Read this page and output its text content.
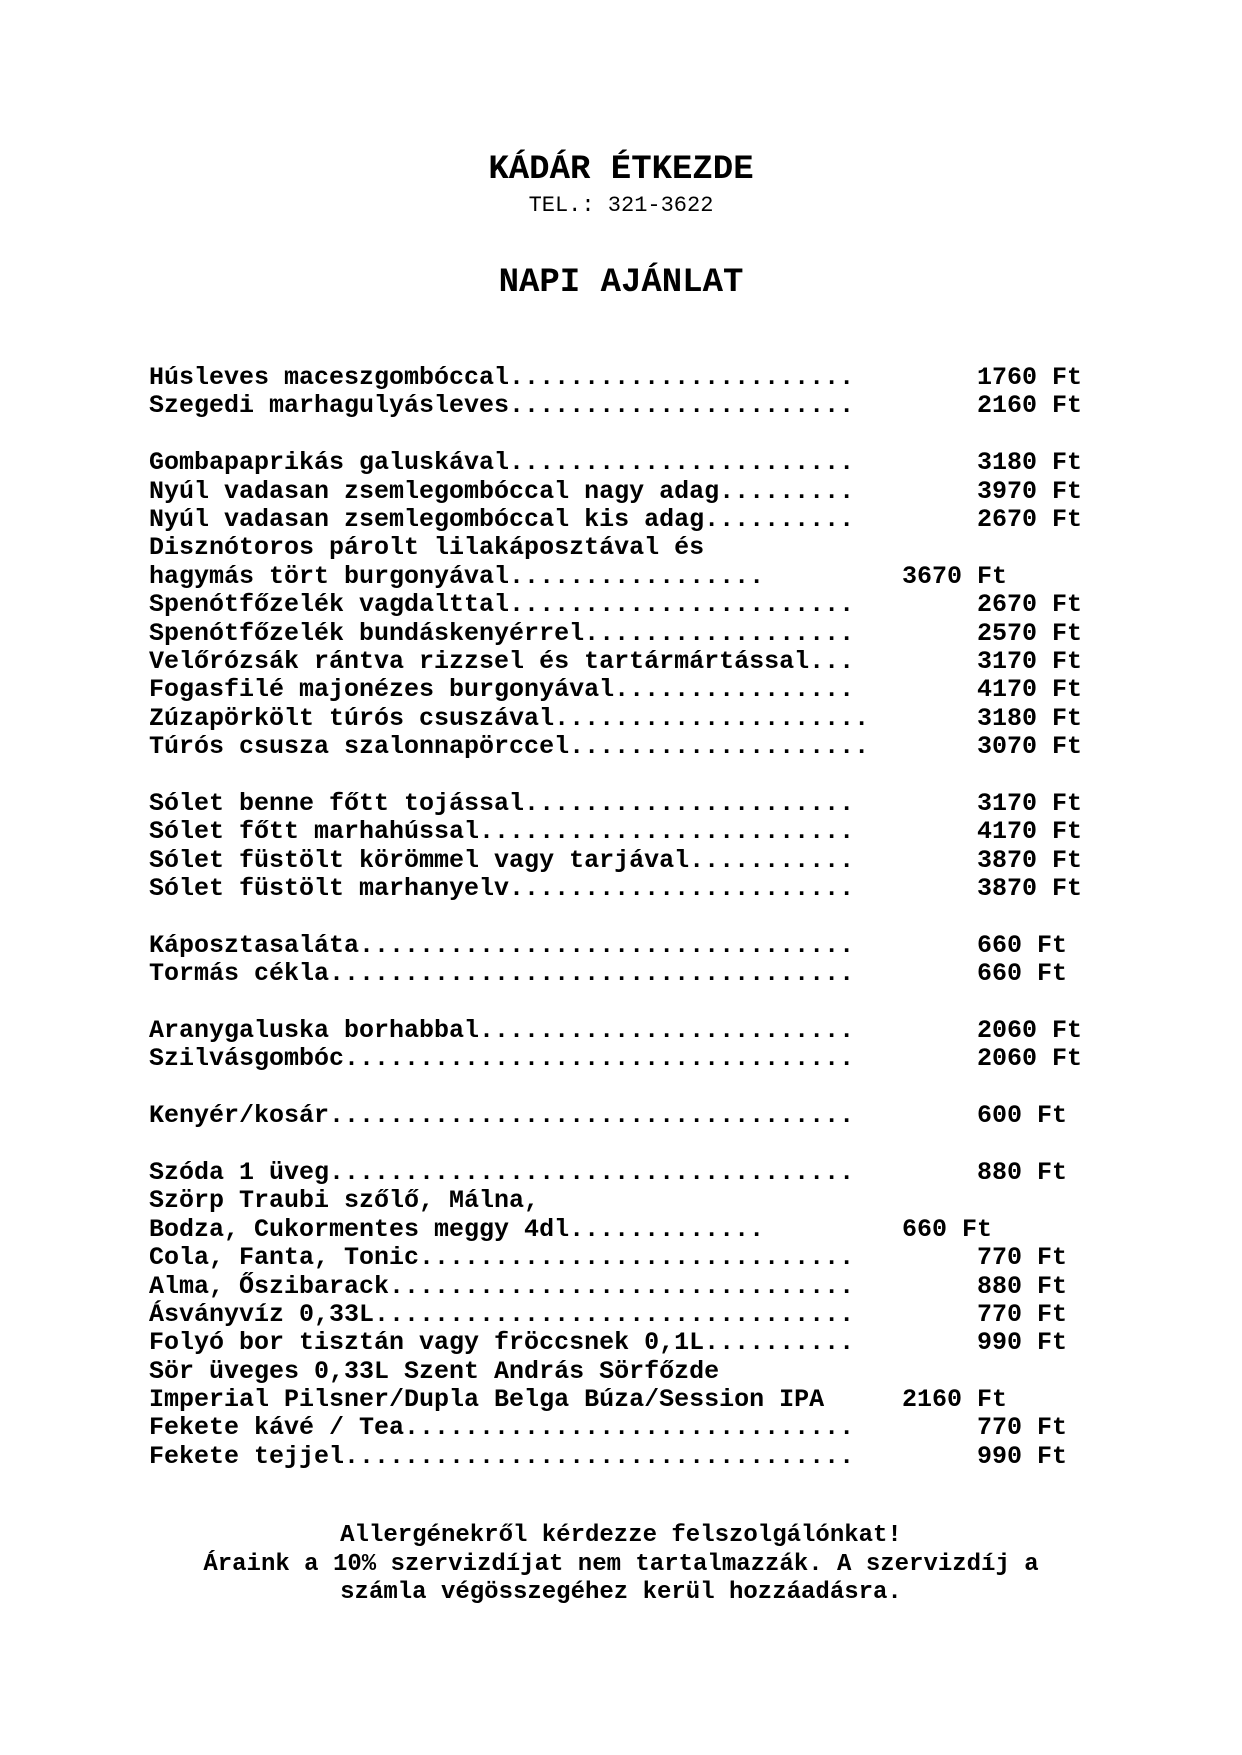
KÁDÁR ÉTKEZDE
TEL.: 321-3622
NAPI AJÁNLAT
Húsleves maceszgombóccal.......................	1760 Ft
Szegedi marhagulyásleves.......................	2160 Ft
Gombapaprikás galuskával.......................	3180 Ft
Nyúl vadasan zsemlegombóccal nagy adag.........	3970 Ft
Nyúl vadasan zsemlegombóccal kis adag..........	2670 Ft
Disznótoros párolt lilakáposztával és
hagymás tört burgonyával.................	3670 Ft
Spenótfőzelék vagdalttal.......................	2670 Ft
Spenótfőzelék bundáskenyérrel..................	2570 Ft
Velőrózsák rántva rizzsel és tartármártással...	3170 Ft
Fogasfilé majonézes burgonyával................	4170 Ft
Zúzapörkölt túrós csuszával.....................	3180 Ft
Túrós csusza szalonnapörccel....................	3070 Ft
Sólet benne főtt tojással......................	3170 Ft
Sólet főtt marhahússal.........................	4170 Ft
Sólet füstölt körömmel vagy tarjával...........	3870 Ft
Sólet füstölt marhanyelv.......................	3870 Ft
Káposztasaláta.................................	660 Ft
Tormás cékla...................................	660 Ft
Aranygaluska borhabbal.........................	2060 Ft
Szilvásgombóc..................................	2060 Ft
Kenyér/kosár...................................	600 Ft
Szóda 1 üveg...................................	880 Ft
Szörp Traubi szőlő, Málna,
Bodza, Cukormentes meggy 4dl.............	660 Ft
Cola, Fanta, Tonic.............................	770 Ft
Alma, Őszibarack...............................	880 Ft
Ásványvíz 0,33L................................	770 Ft
Folyó bor tisztán vagy fröccsnek 0,1L..........	990 Ft
Sör üveges 0,33L Szent András Sörfőzde
Imperial Pilsner/Dupla Belga Búza/Session IPA	2160 Ft
Fekete kávé / Tea..............................	770 Ft
Fekete tejjel..................................	990 Ft
Allergénekről kérdezze felszolgálónkat!
Áraink a 10% szervizdíjat nem tartalmazzák. A szervizdíj a
számla végösszegéhez kerül hozzáadásra.
